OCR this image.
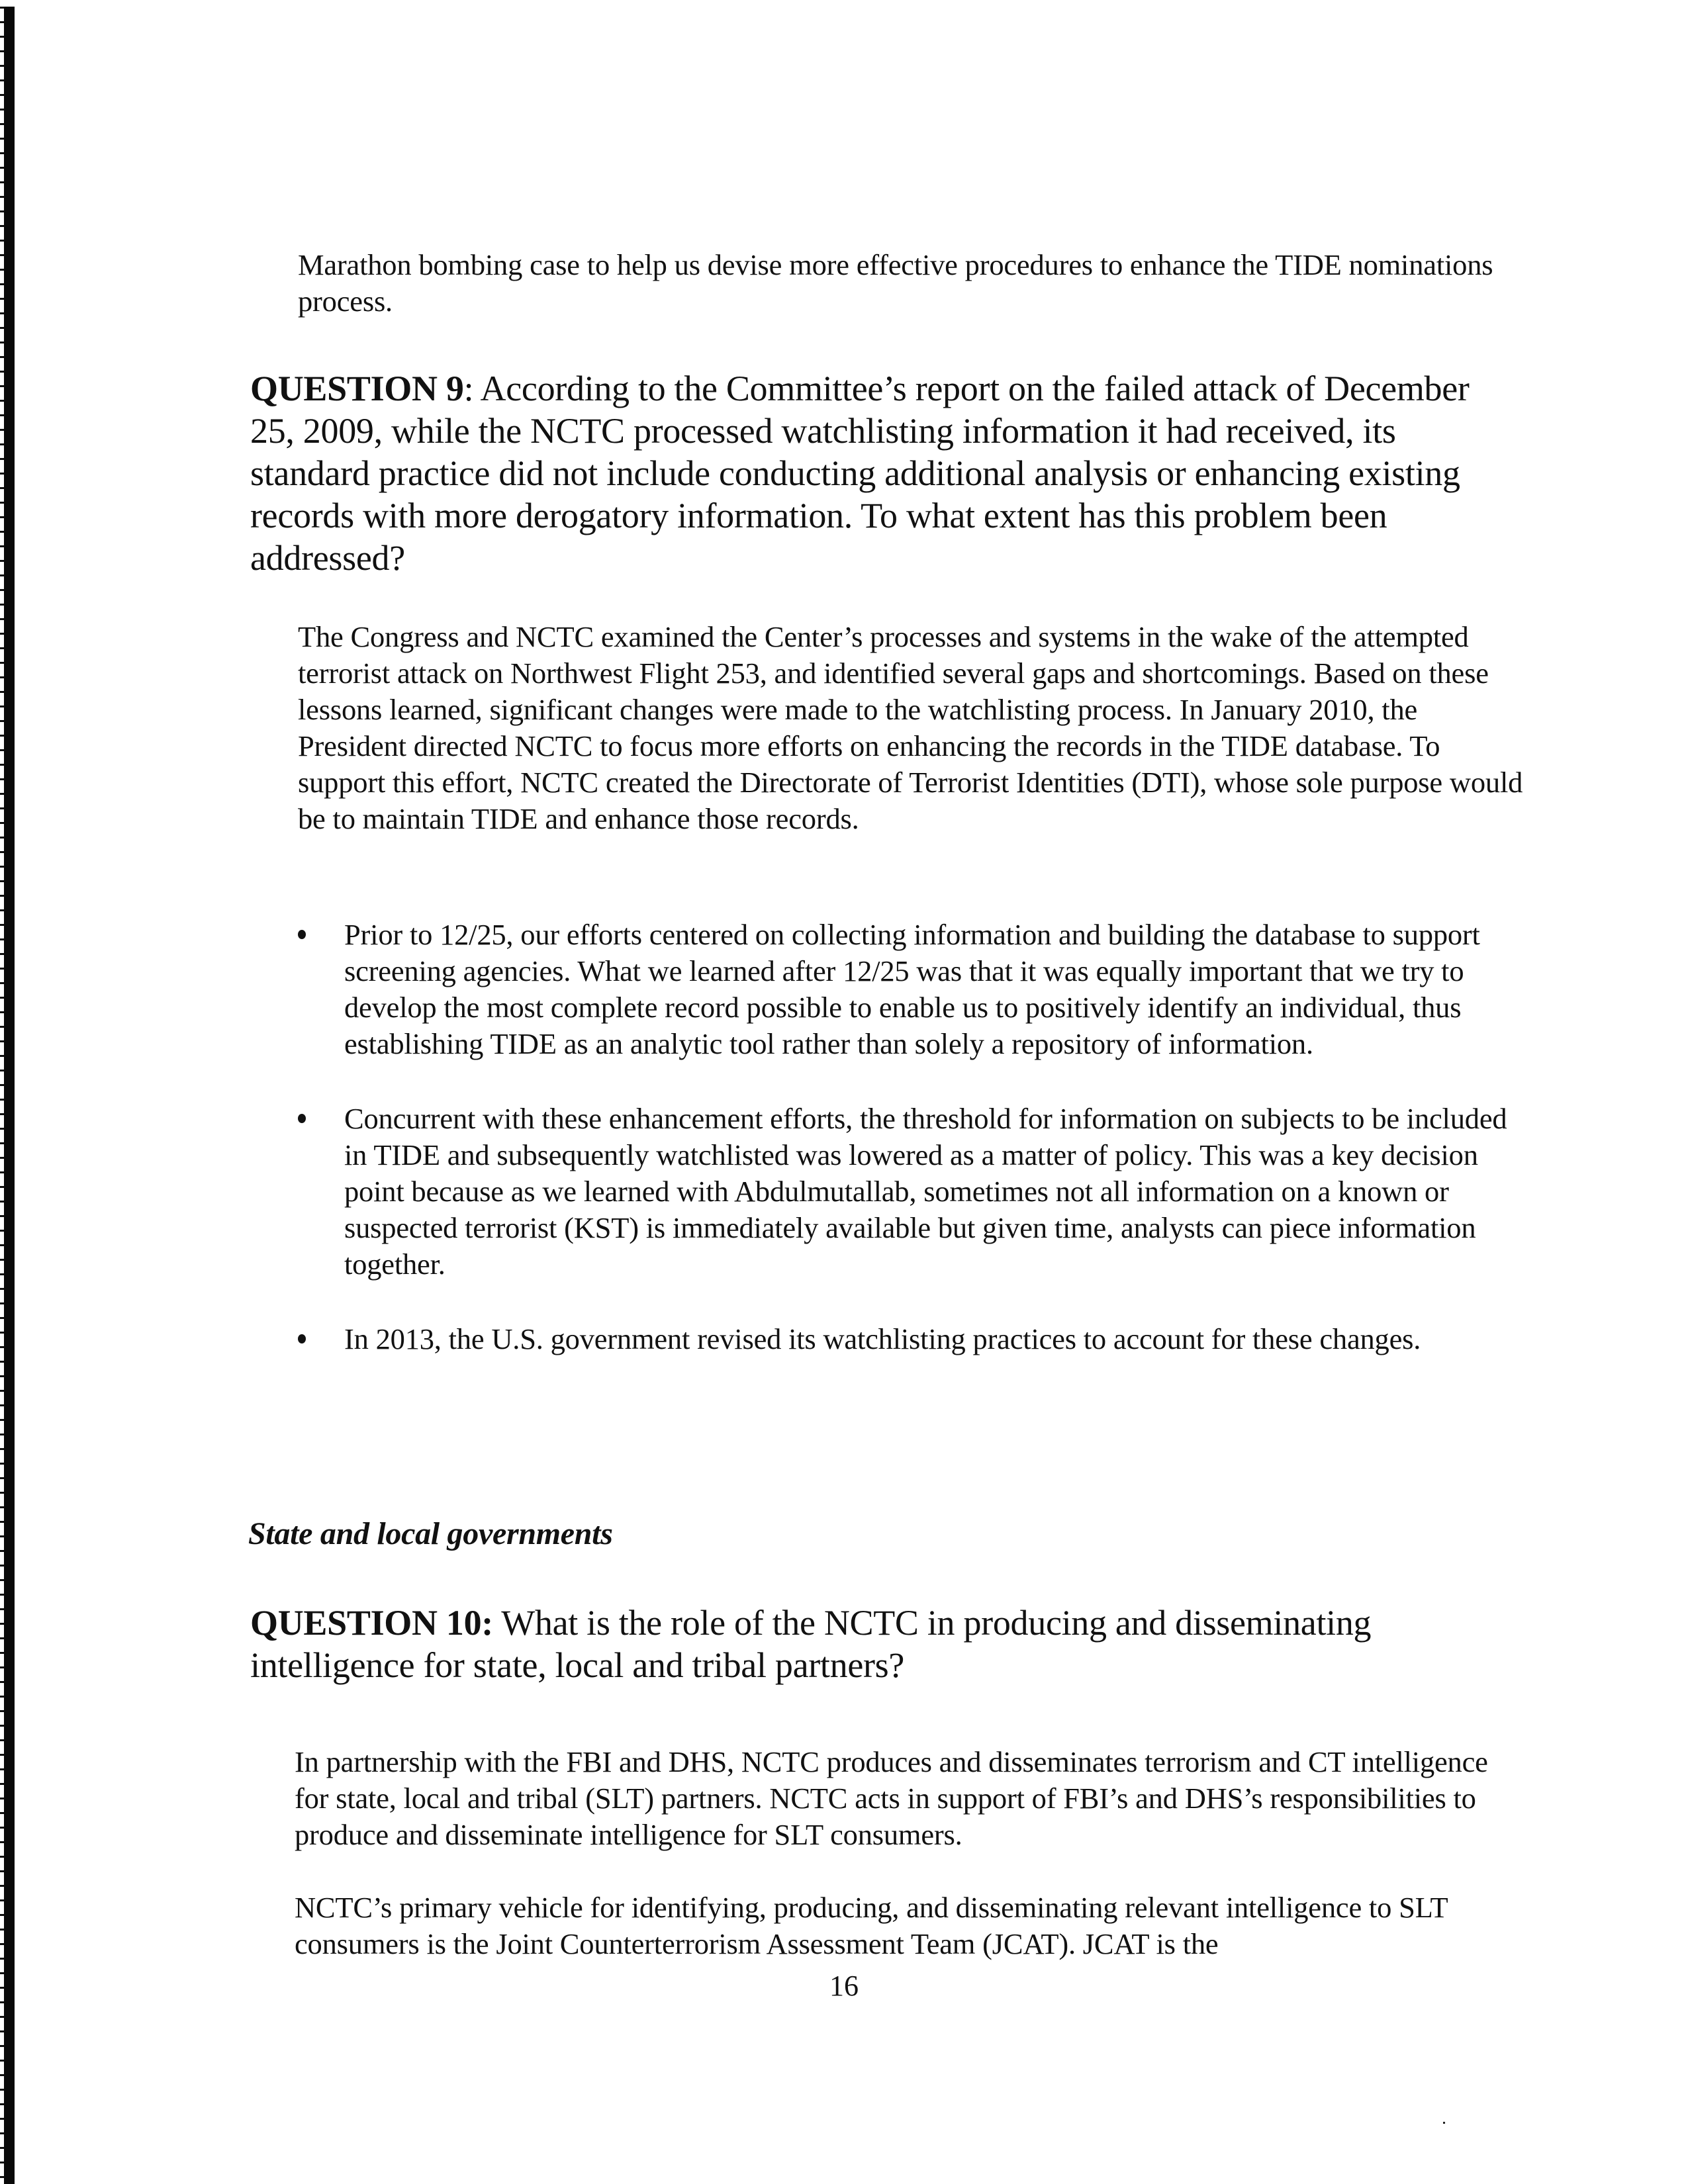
Marathon bombing case to help us devise more effective procedures to enhance the TIDE nominations process.
QUESTION 9: According to the Committee’s report on the failed attack of December 25, 2009, while the NCTC processed watchlisting information it had received, its standard practice did not include conducting additional analysis or enhancing existing records with more derogatory information. To what extent has this problem been addressed?
The Congress and NCTC examined the Center’s processes and systems in the wake of the attempted terrorist attack on Northwest Flight 253, and identified several gaps and shortcomings. Based on these lessons learned, significant changes were made to the watchlisting process. In January 2010, the President directed NCTC to focus more efforts on enhancing the records in the TIDE database. To support this effort, NCTC created the Directorate of Terrorist Identities (DTI), whose sole purpose would be to maintain TIDE and enhance those records.
Prior to 12/25, our efforts centered on collecting information and building the database to support screening agencies. What we learned after 12/25 was that it was equally important that we try to develop the most complete record possible to enable us to positively identify an individual, thus establishing TIDE as an analytic tool rather than solely a repository of information.
Concurrent with these enhancement efforts, the threshold for information on subjects to be included in TIDE and subsequently watchlisted was lowered as a matter of policy. This was a key decision point because as we learned with Abdulmutallab, sometimes not all information on a known or suspected terrorist (KST) is immediately available but given time, analysts can piece information together.
In 2013, the U.S. government revised its watchlisting practices to account for these changes.
State and local governments
QUESTION 10: What is the role of the NCTC in producing and disseminating intelligence for state, local and tribal partners?
In partnership with the FBI and DHS, NCTC produces and disseminates terrorism and CT intelligence for state, local and tribal (SLT) partners. NCTC acts in support of FBI’s and DHS’s responsibilities to produce and disseminate intelligence for SLT consumers.
NCTC’s primary vehicle for identifying, producing, and disseminating relevant intelligence to SLT consumers is the Joint Counterterrorism Assessment Team (JCAT). JCAT is the
16
